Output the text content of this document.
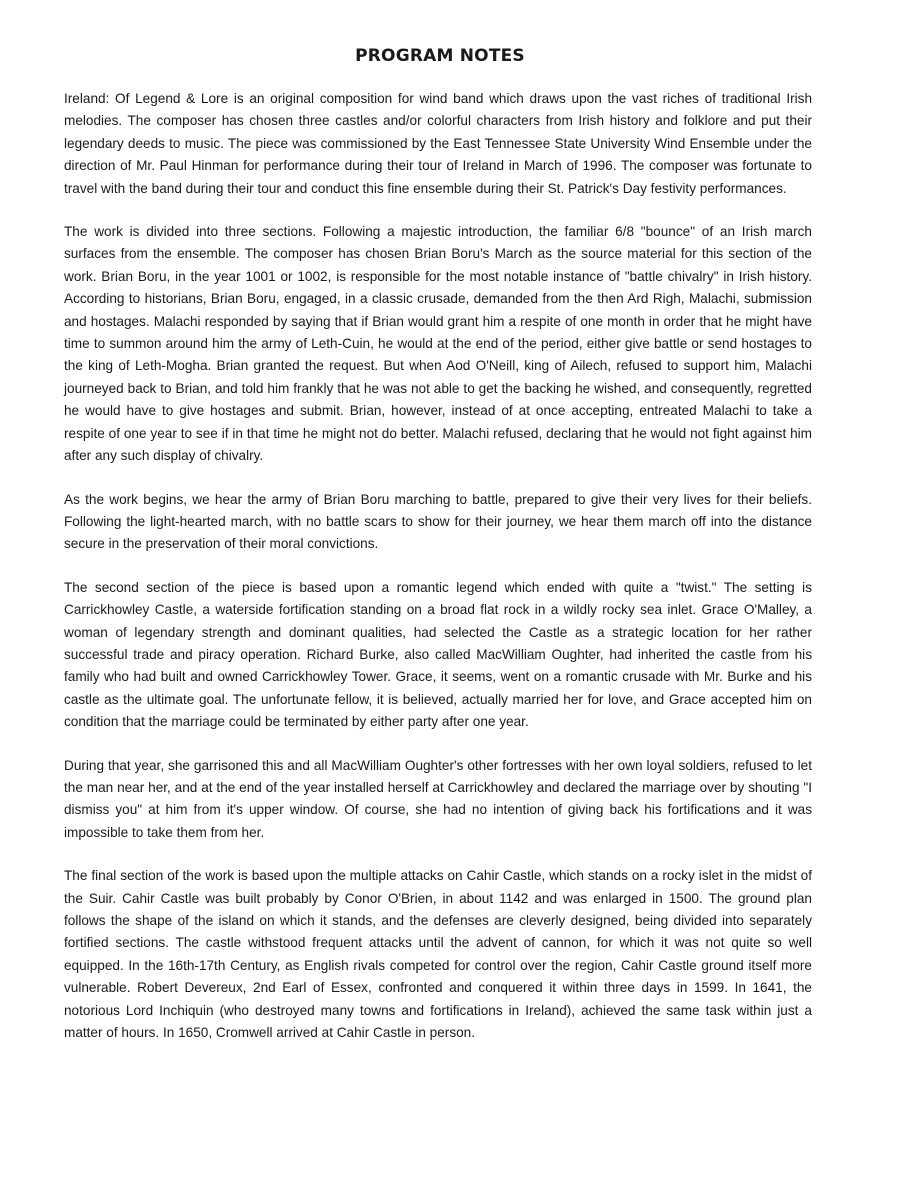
PROGRAM NOTES

Ireland: Of Legend & Lore is an original composition for wind band which draws upon the vast riches of traditional Irish melodies. The composer has chosen three castles and/or colorful characters from Irish history and folklore and put their legendary deeds to music. The piece was commissioned by the East Tennessee State University Wind Ensemble under the direction of Mr. Paul Hinman for performance during their tour of Ireland in March of 1996. The composer was fortunate to travel with the band during their tour and conduct this fine ensemble during their St. Patrick's Day festivity performances.

The work is divided into three sections. Following a majestic introduction, the familiar 6/8 "bounce" of an Irish march surfaces from the ensemble. The composer has chosen Brian Boru's March as the source material for this section of the work. Brian Boru, in the year 1001 or 1002, is responsible for the most notable instance of "battle chivalry" in Irish history. According to historians, Brian Boru, engaged, in a classic crusade, demanded from the then Ard Righ, Malachi, submission and hostages. Malachi responded by saying that if Brian would grant him a respite of one month in order that he might have time to summon around him the army of Leth-Cuin, he would at the end of the period, either give battle or send hostages to the king of Leth-Mogha. Brian granted the request. But when Aod O'Neill, king of Ailech, refused to support him, Malachi journeyed back to Brian, and told him frankly that he was not able to get the backing he wished, and consequently, regretted he would have to give hostages and submit. Brian, however, instead of at once accepting, entreated Malachi to take a respite of one year to see if in that time he might not do better. Malachi refused, declaring that he would not fight against him after any such display of chivalry.

As the work begins, we hear the army of Brian Boru marching to battle, prepared to give their very lives for their beliefs. Following the light-hearted march, with no battle scars to show for their journey, we hear them march off into the distance secure in the preservation of their moral convictions.

The second section of the piece is based upon a romantic legend which ended with quite a "twist." The setting is Carrickhowley Castle, a waterside fortification standing on a broad flat rock in a wildly rocky sea inlet. Grace O'Malley, a woman of legendary strength and dominant qualities, had selected the Castle as a strategic location for her rather successful trade and piracy operation. Richard Burke, also called MacWilliam Oughter, had inherited the castle from his family who had built and owned Carrickhowley Tower. Grace, it seems, went on a romantic crusade with Mr. Burke and his castle as the ultimate goal. The unfortunate fellow, it is believed, actually married her for love, and Grace accepted him on condition that the marriage could be terminated by either party after one year.

During that year, she garrisoned this and all MacWilliam Oughter's other fortresses with her own loyal soldiers, refused to let the man near her, and at the end of the year installed herself at Carrickhowley and declared the marriage over by shouting "I dismiss you" at him from it's upper window. Of course, she had no intention of giving back his fortifications and it was impossible to take them from her.

The final section of the work is based upon the multiple attacks on Cahir Castle, which stands on a rocky islet in the midst of the Suir. Cahir Castle was built probably by Conor O'Brien, in about 1142 and was enlarged in 1500. The ground plan follows the shape of the island on which it stands, and the defenses are cleverly designed, being divided into separately fortified sections. The castle withstood frequent attacks until the advent of cannon, for which it was not quite so well equipped. In the 16th-17th Century, as English rivals competed for control over the region, Cahir Castle ground itself more vulnerable. Robert Devereux, 2nd Earl of Essex, confronted and conquered it within three days in 1599. In 1641, the notorious Lord Inchiquin (who destroyed many towns and fortifications in Ireland), achieved the same task within just a matter of hours. In 1650, Cromwell arrived at Cahir Castle in person.
